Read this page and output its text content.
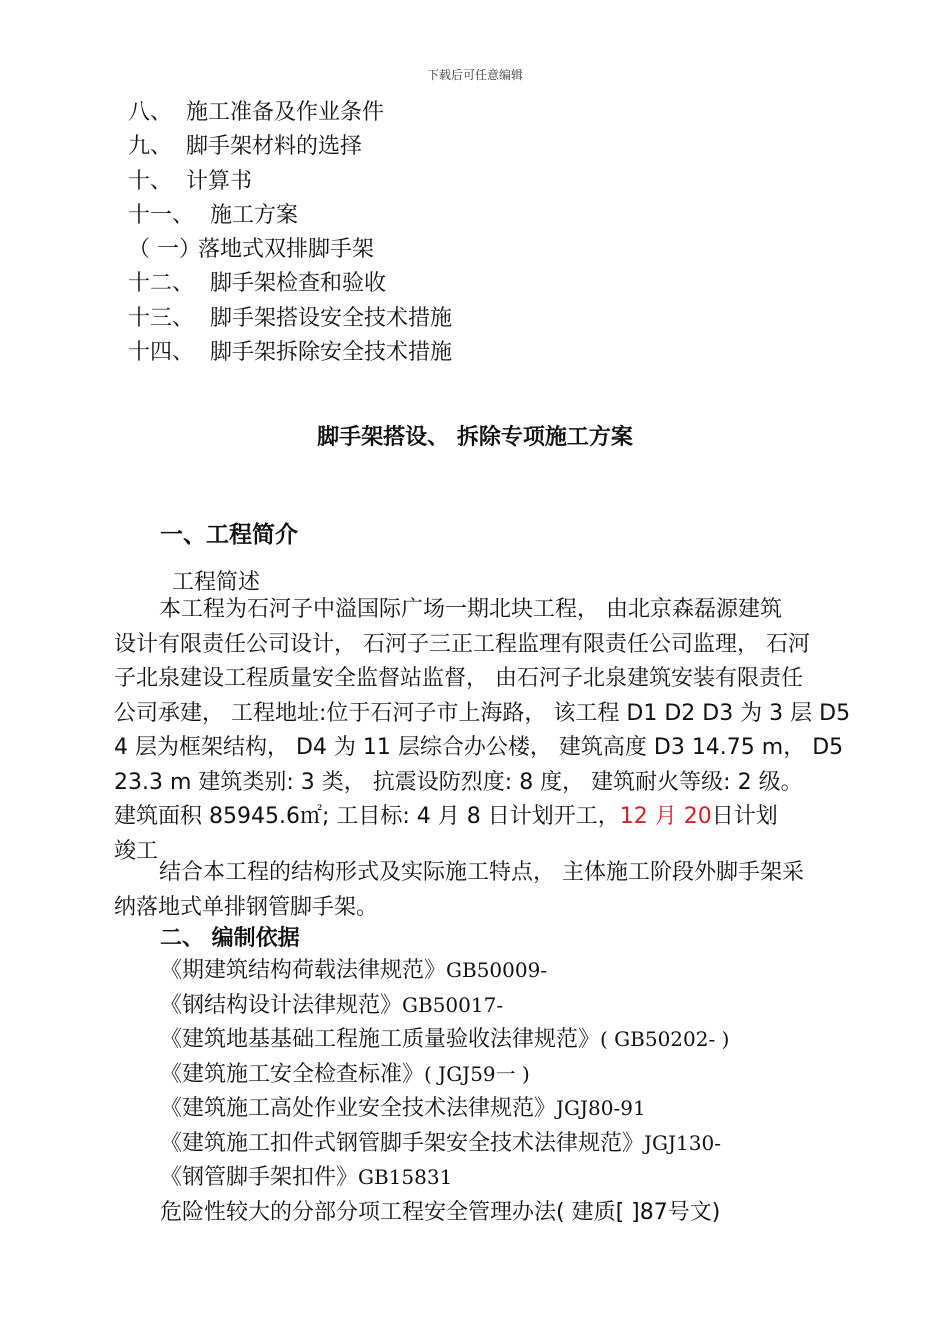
下载后可任意编辑
八、 施工准备及作业条件
九、 脚手架材料的选择
十、 计算书
十一、 施工方案
（ 一）落地式双排脚手架
十二、 脚手架检查和验收
十三、 脚手架搭设安全技术措施
十四、 脚手架拆除安全技术措施
脚手架搭设、 拆除专项施工方案
一、工程简介
工程简述
本工程为石河子中溢国际广场一期北块工程， 由北京森磊源建筑
设计有限责任公司设计， 石河子三正工程监理有限责任公司监理， 石河
子北泉建设工程质量安全监督站监督， 由石河子北泉建筑安装有限责任
公司承建， 工程地址:位于石河子市上海路， 该工程 D1 D2 D3 为 3 层 D5
4 层为框架结构， D4 为 11 层综合办公楼， 建筑高度 D3 14.75 m， D5
23.3 m 建筑类别: 3 类， 抗震设防烈度: 8 度， 建筑耐火等级: 2 级。
建筑面积 85945.6㎡; 工目标: 4 月 8 日计划开工， 12 月 20 日计划
竣工
结合本工程的结构形式及实际施工特点， 主体施工阶段外脚手架采
纳落地式单排钢管脚手架。
二、 编制依据
《期建筑结构荷载法律规范》GB50009-
《钢结构设计法律规范》GB50017-
《建筑地基基础工程施工质量验收法律规范》( GB50202- )
《建筑施工安全检查标准》( JGJ59一 )
《建筑施工高处作业安全技术法律规范》JGJ80-91
《建筑施工扣件式钢管脚手架安全技术法律规范》JGJ130-
《钢管脚手架扣件》GB15831
危险性较大的分部分项工程安全管理办法( 建质[ ]87号文)
